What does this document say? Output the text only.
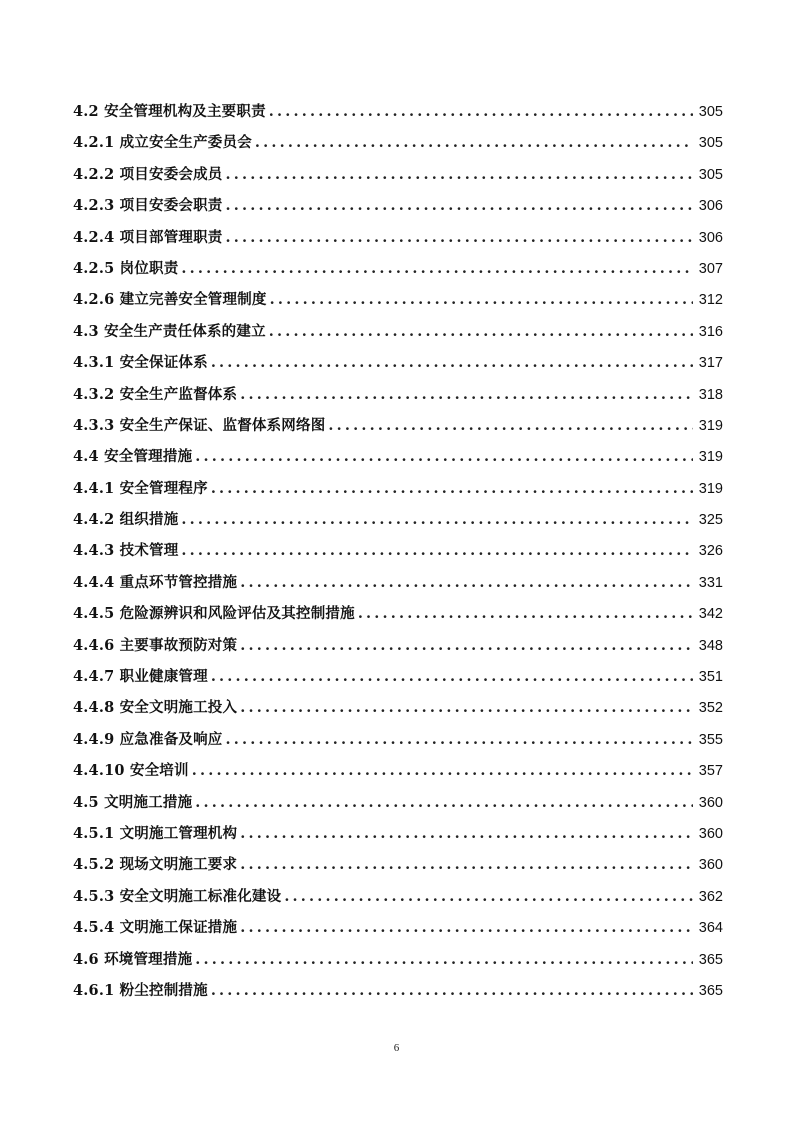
4.2 安全管理机构及主要职责 .....	305
4.2.1 成立安全生产委员会 .....	305
4.2.2 项目安委会成员 .....	305
4.2.3 项目安委会职责 .....	306
4.2.4 项目部管理职责 .....	306
4.2.5 岗位职责 .....	307
4.2.6 建立完善安全管理制度 .....	312
4.3 安全生产责任体系的建立 .....	316
4.3.1 安全保证体系 .....	317
4.3.2 安全生产监督体系 .....	318
4.3.3 安全生产保证、监督体系网络图 .....	319
4.4 安全管理措施 .....	319
4.4.1 安全管理程序 .....	319
4.4.2 组织措施 .....	325
4.4.3 技术管理 .....	326
4.4.4 重点环节管控措施 .....	331
4.4.5 危险源辨识和风险评估及其控制措施 .....	342
4.4.6 主要事故预防对策 .....	348
4.4.7 职业健康管理 .....	351
4.4.8 安全文明施工投入 .....	352
4.4.9 应急准备及响应 .....	355
4.4.10 安全培训 .....	357
4.5 文明施工措施 .....	360
4.5.1 文明施工管理机构 .....	360
4.5.2 现场文明施工要求 .....	360
4.5.3 安全文明施工标准化建设 .....	362
4.5.4 文明施工保证措施 .....	364
4.6 环境管理措施 .....	365
4.6.1 粉尘控制措施 .....	365
6
